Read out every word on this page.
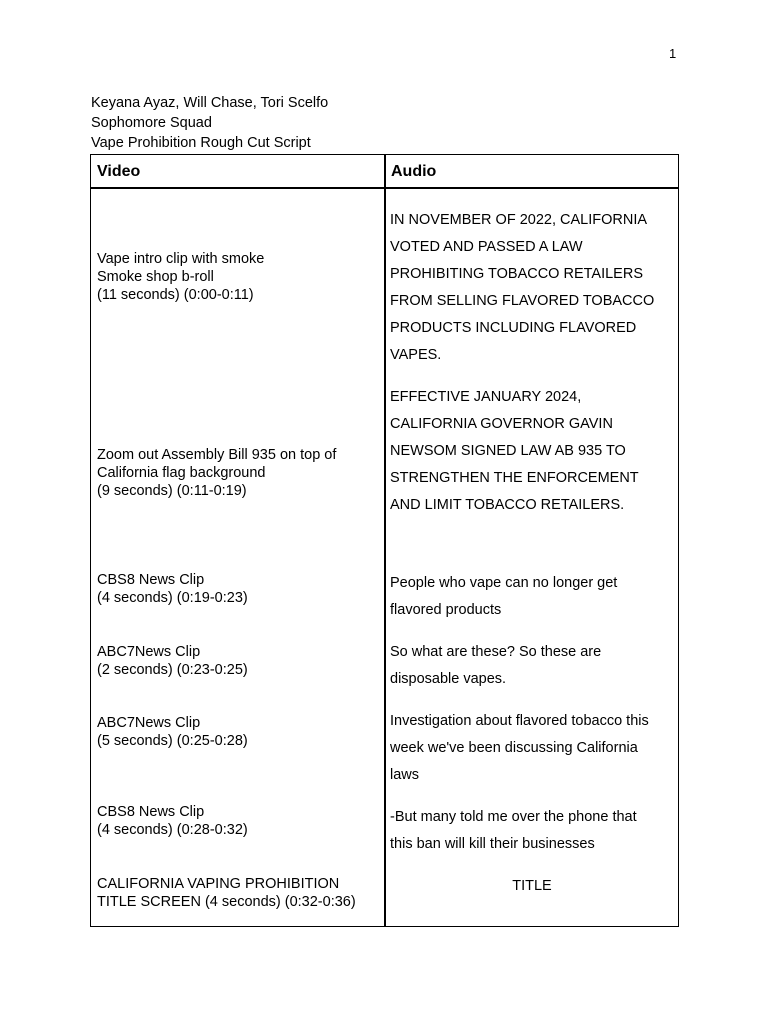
1
Keyana Ayaz, Will Chase, Tori Scelfo
Sophomore Squad
Vape Prohibition Rough Cut Script
Video	Audio
Vape intro clip with smoke
Smoke shop b-roll
(11 seconds) (0:00-0:11)
IN NOVEMBER OF 2022, CALIFORNIA
VOTED AND PASSED A LAW
PROHIBITING TOBACCO RETAILERS
FROM SELLING FLAVORED TOBACCO
PRODUCTS INCLUDING FLAVORED
VAPES.
Zoom out Assembly Bill 935 on top of
California flag background
(9 seconds) (0:11-0:19)
EFFECTIVE JANUARY 2024,
CALIFORNIA GOVERNOR GAVIN
NEWSOM SIGNED LAW AB 935 TO
STRENGTHEN THE ENFORCEMENT
AND LIMIT TOBACCO RETAILERS.
CBS8 News Clip
(4 seconds) (0:19-0:23)
People who vape can no longer get
flavored products
ABC7News Clip
(2 seconds) (0:23-0:25)
So what are these? So these are
disposable vapes.
ABC7News Clip
(5 seconds) (0:25-0:28)
Investigation about flavored tobacco this
week we've been discussing California
laws
CBS8 News Clip
(4 seconds) (0:28-0:32)
-But many told me over the phone that
this ban will kill their businesses
CALIFORNIA VAPING PROHIBITION
TITLE SCREEN (4 seconds) (0:32-0:36)
TITLE
